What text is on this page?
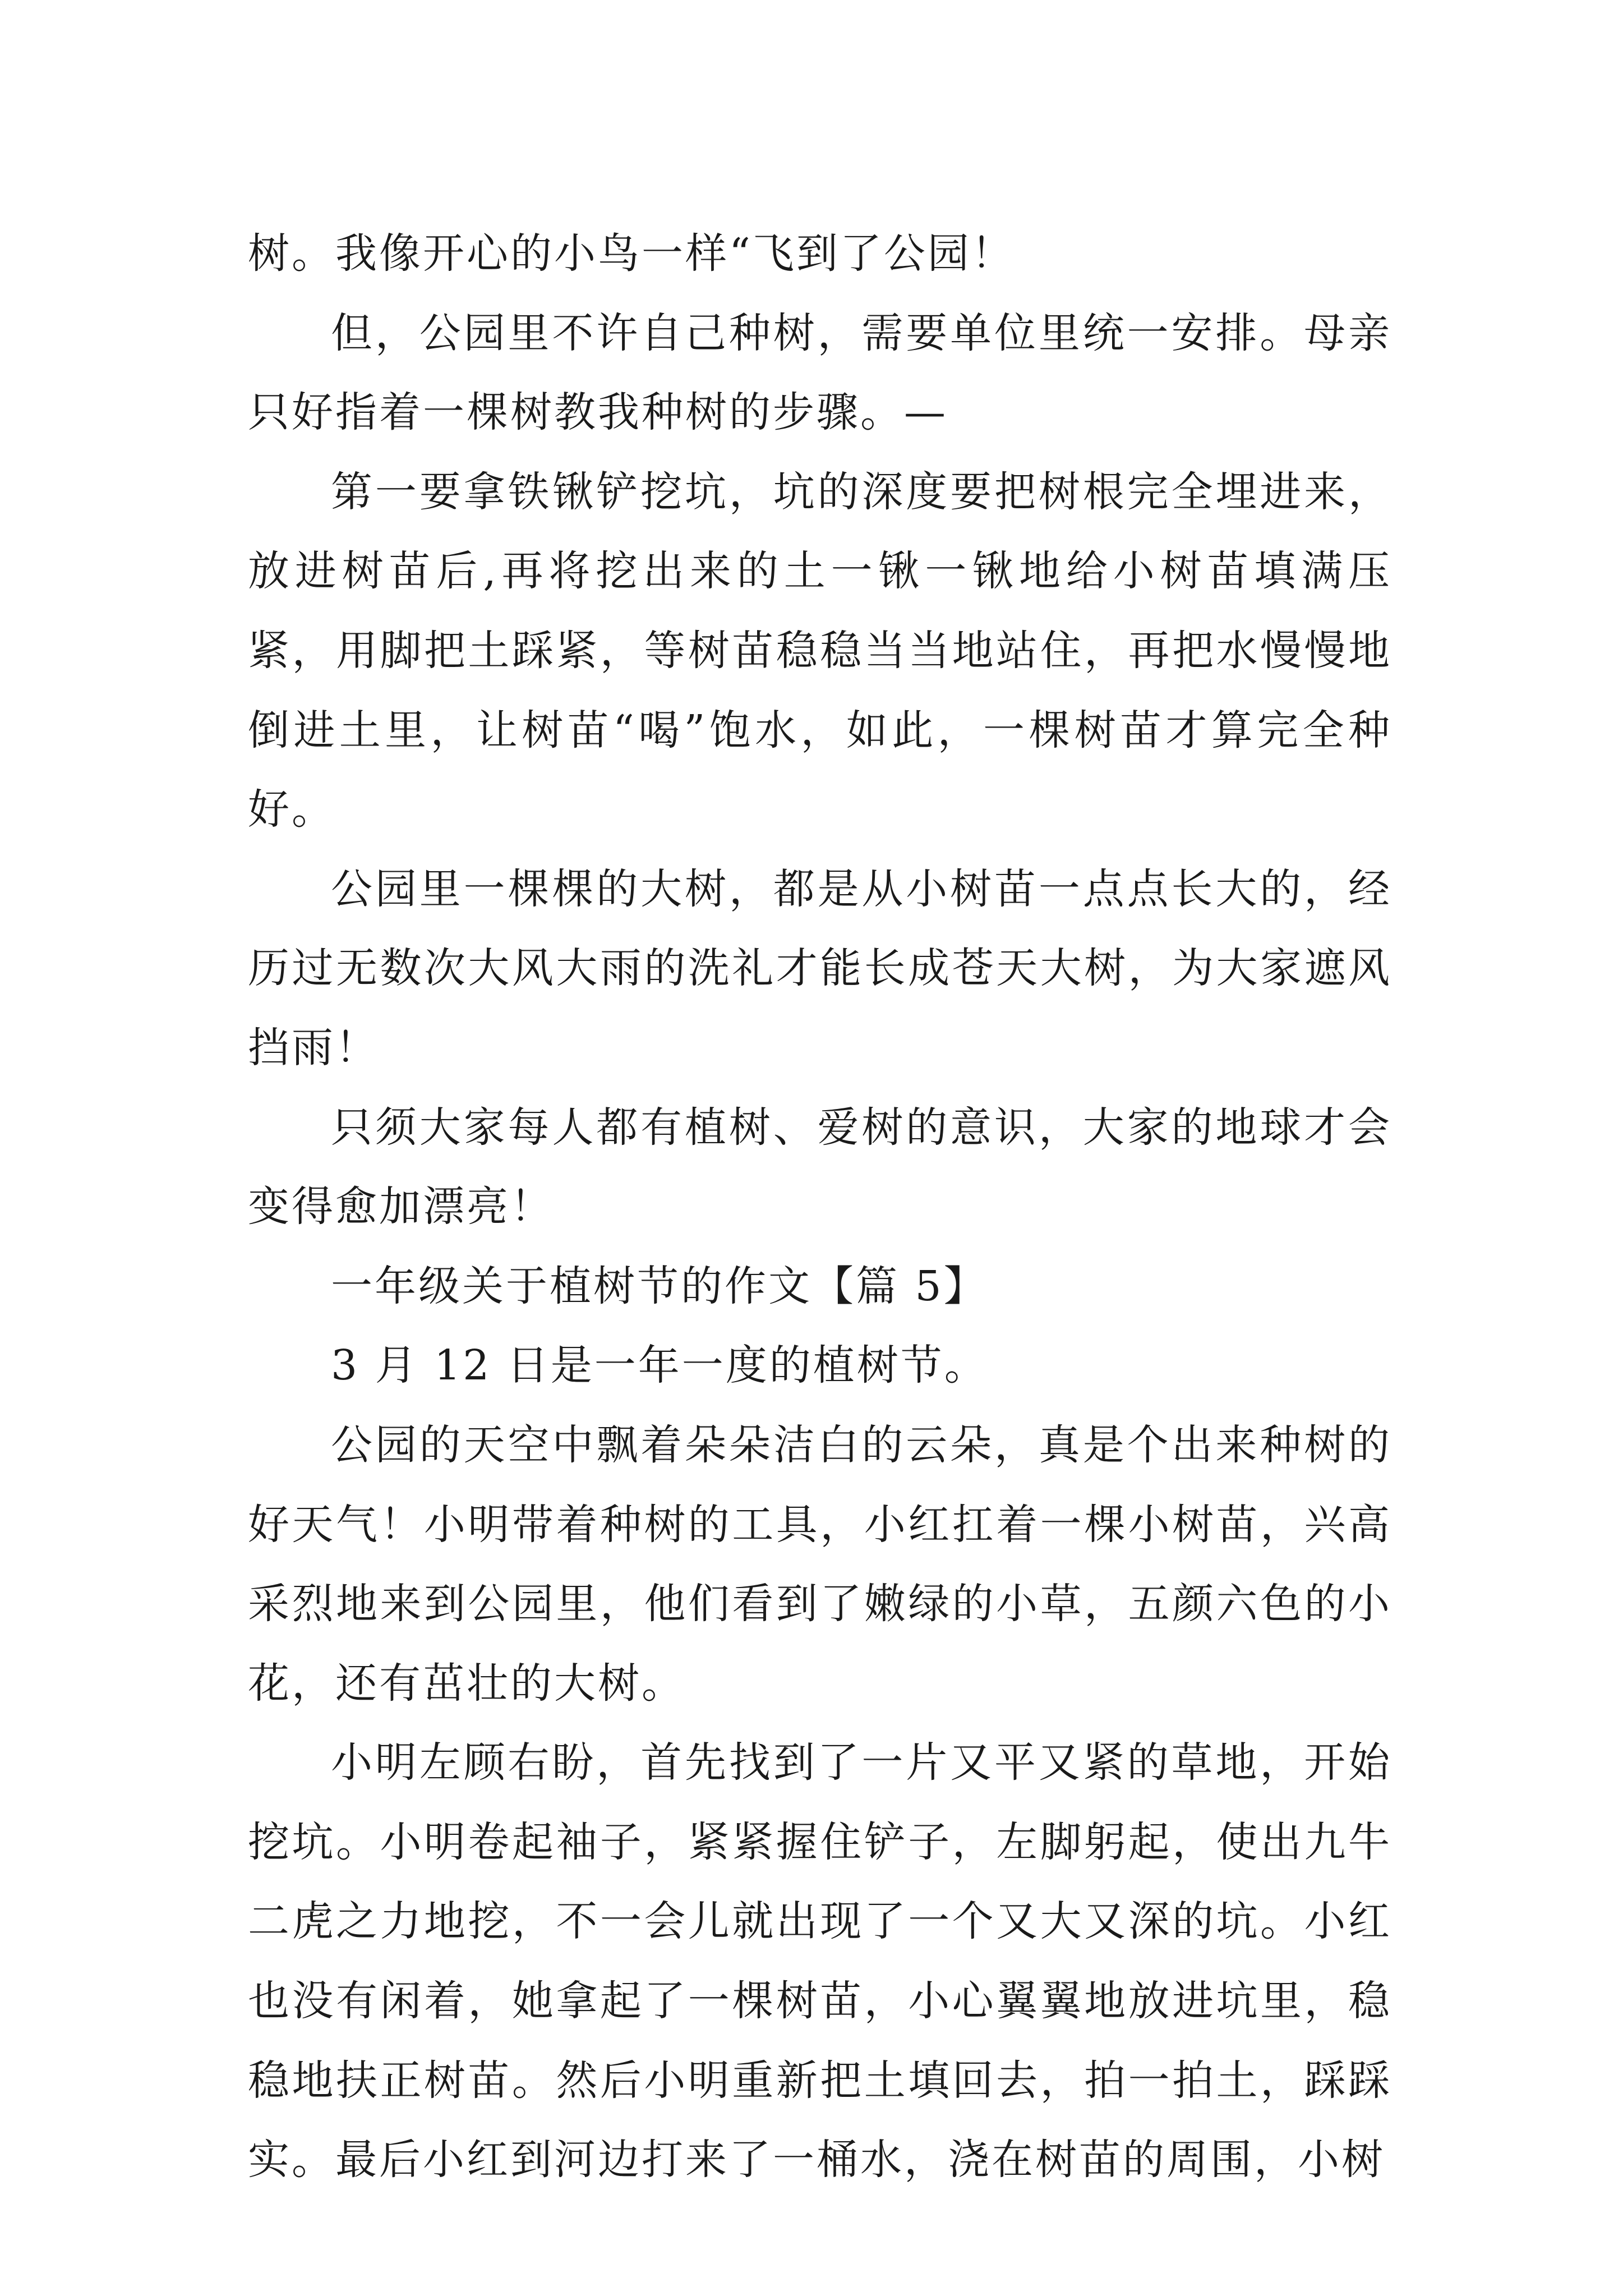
树。我像开心的小鸟一样“飞到了公园！

但，公园里不许自己种树，需要单位里统一安排。母亲只好指着一棵树教我种树的步骤。—

第一要拿铁锹铲挖坑，坑的深度要把树根完全埋进来，放进树苗后,再将挖出来的土一锹一锹地给小树苗填满压紧，用脚把土踩紧，等树苗稳稳当当地站住，再把水慢慢地倒进土里，让树苗“喝”饱水，如此，一棵树苗才算完全种好。

公园里一棵棵的大树，都是从小树苗一点点长大的，经历过无数次大风大雨的洗礼才能长成苍天大树，为大家遮风挡雨！

只须大家每人都有植树、爱树的意识，大家的地球才会变得愈加漂亮！

一年级关于植树节的作文【篇 5】

3 月 12 日是一年一度的植树节。

公园的天空中飘着朵朵洁白的云朵，真是个出来种树的好天气！小明带着种树的工具，小红扛着一棵小树苗，兴高采烈地来到公园里，他们看到了嫩绿的小草，五颜六色的小花，还有茁壮的大树。

小明左顾右盼，首先找到了一片又平又紧的草地，开始挖坑。小明卷起袖子，紧紧握住铲子，左脚躬起，使出九牛二虎之力地挖，不一会儿就出现了一个又大又深的坑。小红也没有闲着，她拿起了一棵树苗，小心翼翼地放进坑里，稳稳地扶正树苗。然后小明重新把土填回去，拍一拍土，踩踩实。最后小红到河边打来了一桶水，浇在树苗的周围，小树
